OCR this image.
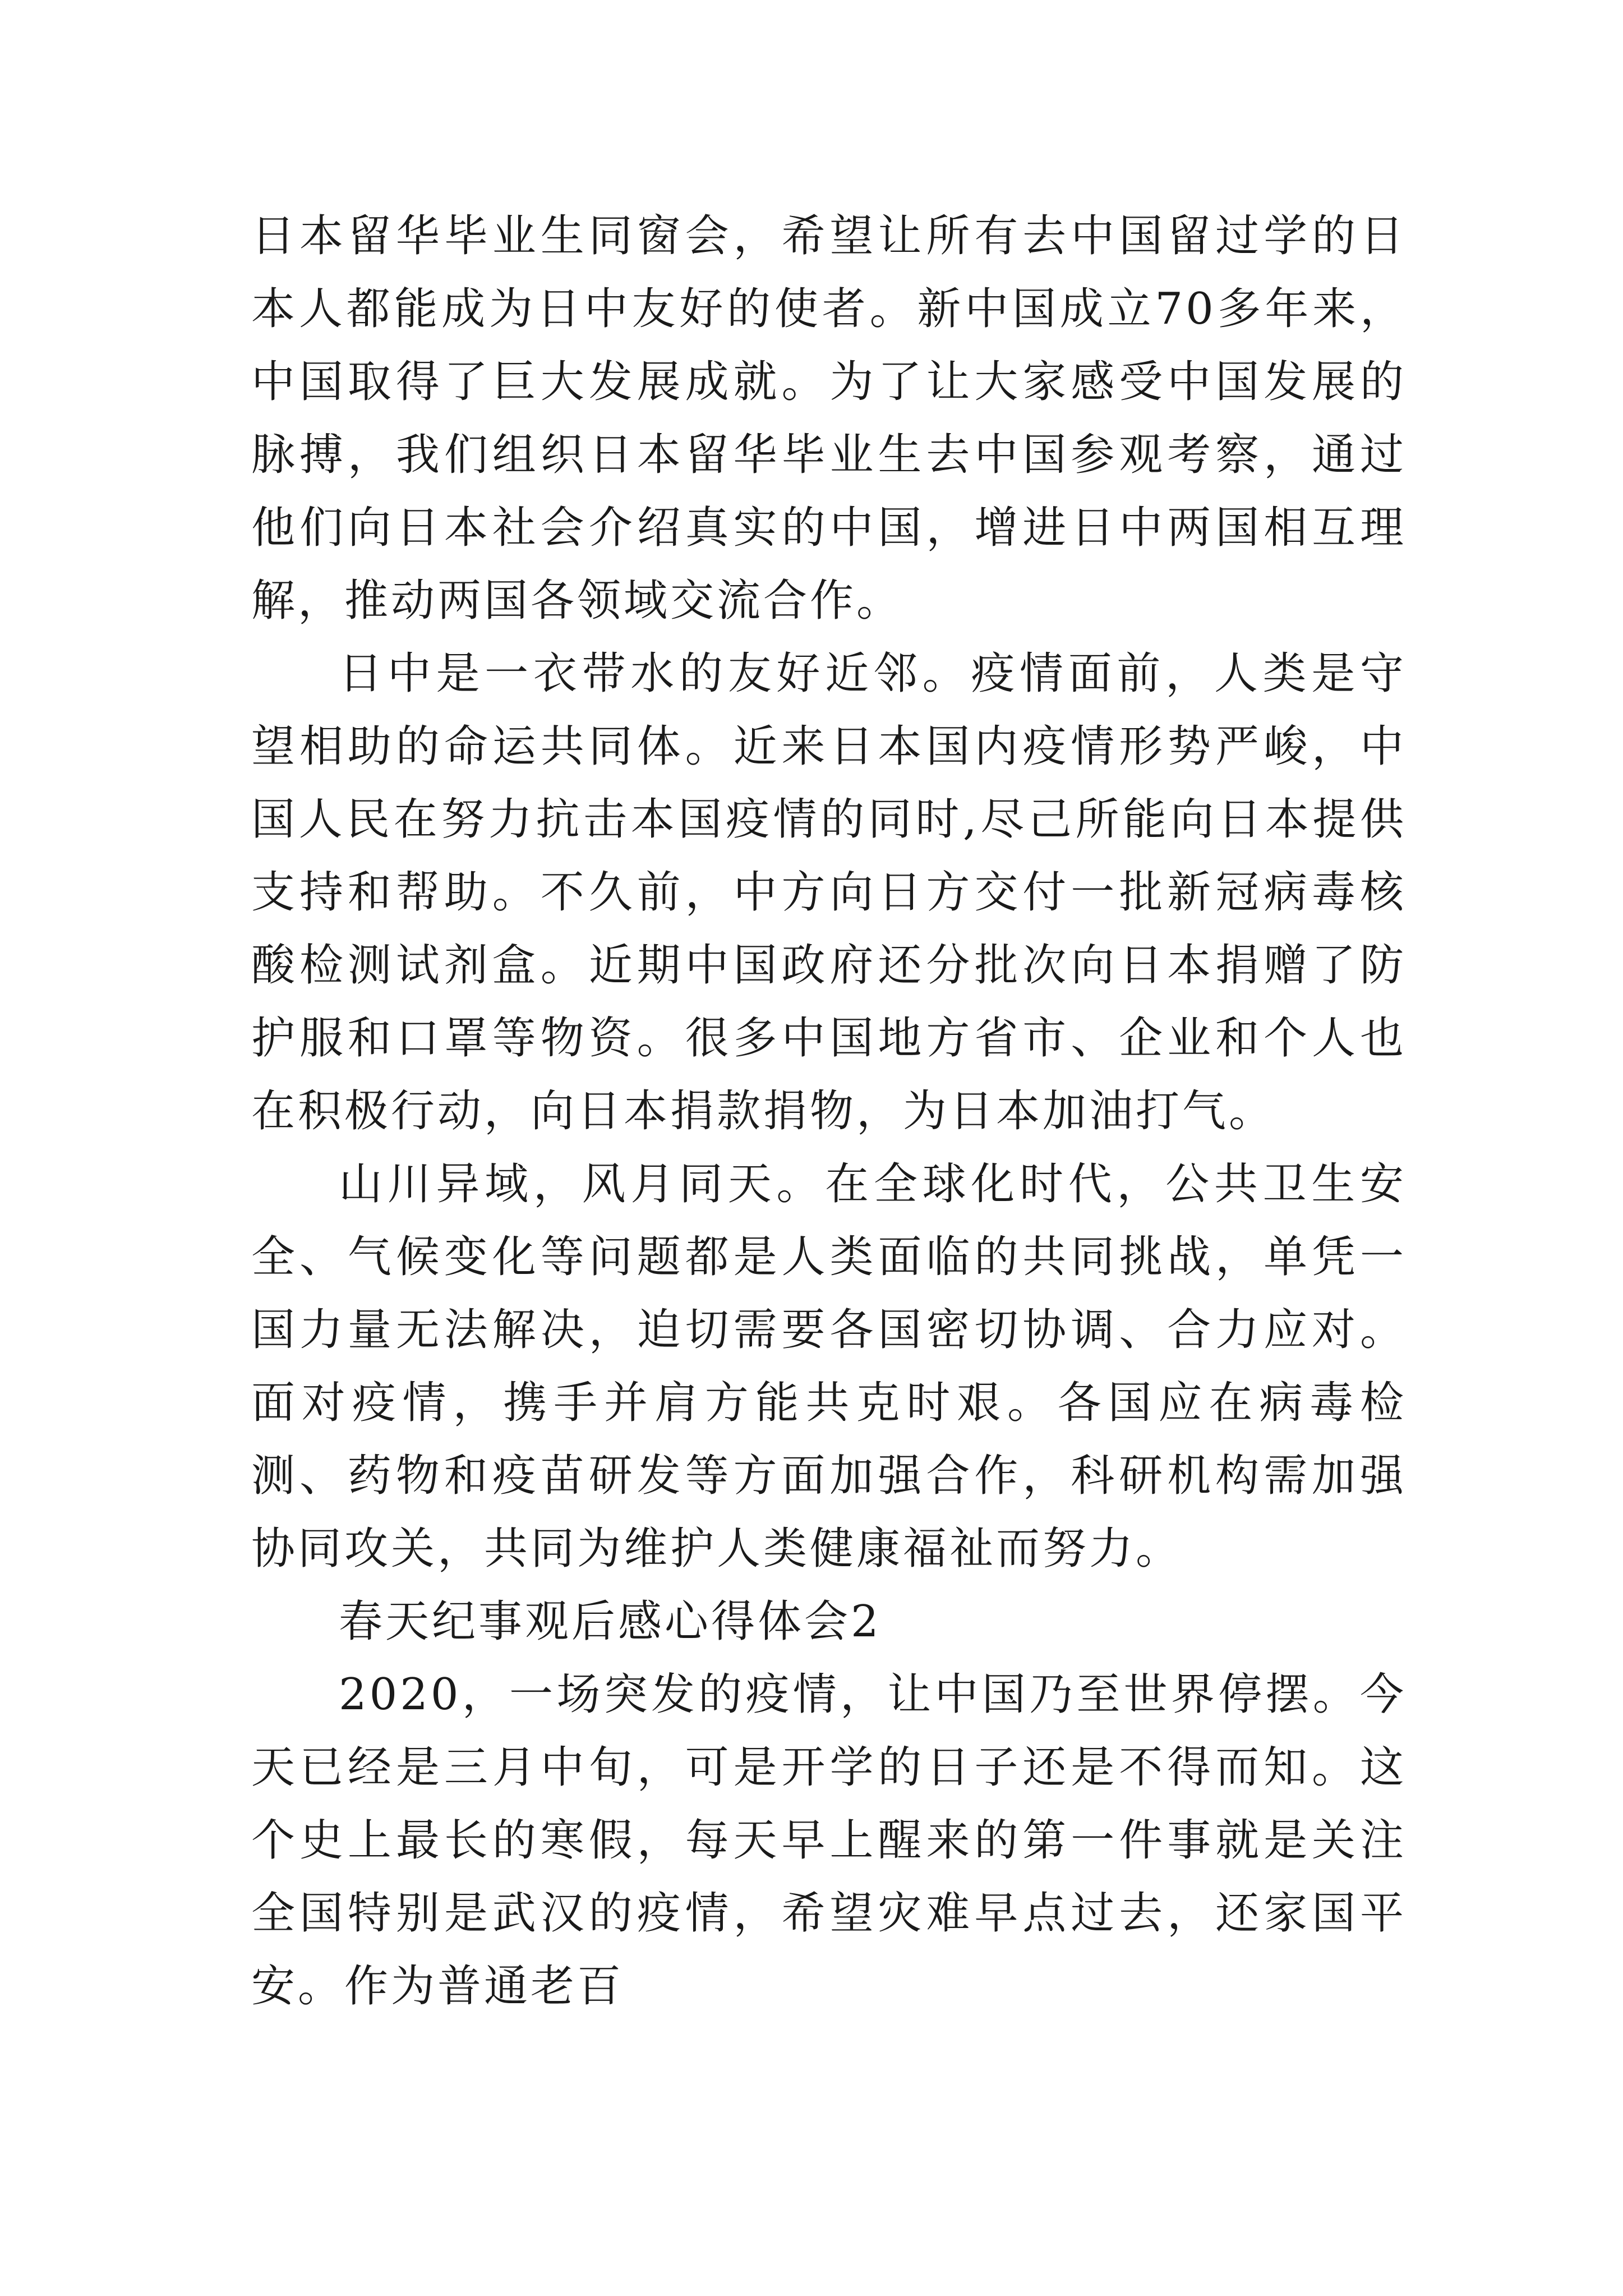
日本留华毕业生同窗会，希望让所有去中国留过学的日本人都能成为日中友好的使者。新中国成立70多年来，中国取得了巨大发展成就。为了让大家感受中国发展的脉搏，我们组织日本留华毕业生去中国参观考察，通过他们向日本社会介绍真实的中国，增进日中两国相互理解，推动两国各领域交流合作。

日中是一衣带水的友好近邻。疫情面前，人类是守望相助的命运共同体。近来日本国内疫情形势严峻，中国人民在努力抗击本国疫情的同时,尽己所能向日本提供支持和帮助。不久前，中方向日方交付一批新冠病毒核酸检测试剂盒。近期中国政府还分批次向日本捐赠了防护服和口罩等物资。很多中国地方省市、企业和个人也在积极行动，向日本捐款捐物，为日本加油打气。

山川异域，风月同天。在全球化时代，公共卫生安全、气候变化等问题都是人类面临的共同挑战，单凭一国力量无法解决，迫切需要各国密切协调、合力应对。面对疫情，携手并肩方能共克时艰。各国应在病毒检测、药物和疫苗研发等方面加强合作，科研机构需加强协同攻关，共同为维护人类健康福祉而努力。

春天纪事观后感心得体会2

2020，一场突发的疫情，让中国乃至世界停摆。今天已经是三月中旬，可是开学的日子还是不得而知。这个史上最长的寒假，每天早上醒来的第一件事就是关注全国特别是武汉的疫情，希望灾难早点过去，还家国平安。作为普通老百
